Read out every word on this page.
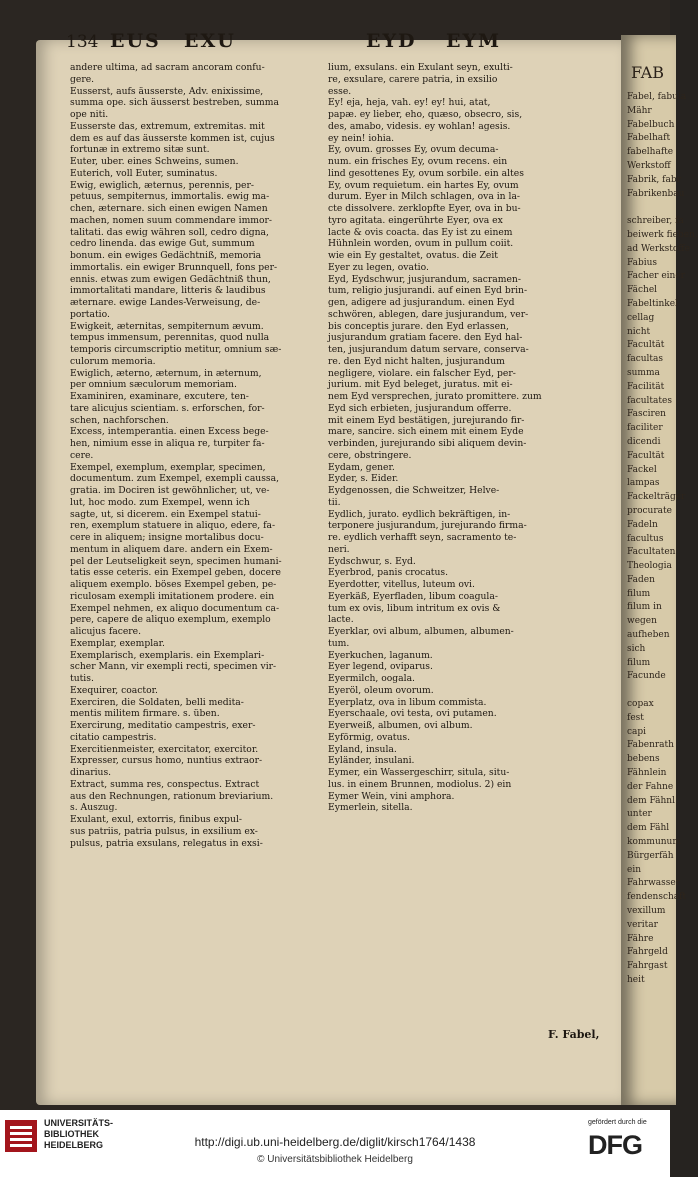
FAB
Fabel, fabula
Mähr
Fabelbuch
Fabelhaft
fabelhafte
Werkstoff
Fabrik, fabr
Fabrikenbau
schreiber, fa
beiwerk fieben,
ad Werkstoffe
Fabius
Facher einer
Fächel
Fabeltinkel
cellag
nicht
Facultät
facultas
summa
Facilität
facultates
Fasciren
faciliter
dicendi
Facultät
Fackel
lampas
Fackelträger
procurate
Fadeln
facultus
Facultaten
Theologia
Faden
filum
filum in
wegen
aufheben
sich
filum
Facunde
copax
fest
capi
Fabenrath
bebens
Fähnlein
der Fahne
dem Fähnl
unter
dem Fähl
kommunum
Bürgerfäh
ein
Fahrwasser
fendenschaft
vexillum
veritar
Fähre
Fahrgeld
Fahrgast
heit
134 EUS EXU	EYD EYM
andere ultima, ad sacram ancoram confu-
gere.
Eusserst, aufs äusserste, Adv. enixissime,
summa ope. sich äusserst bestreben, summa
ope niti.
Eusserste das, extremum, extremitas. mit
dem es auf das äusserste kommen ist, cujus
fortunæ in extremo sitæ sunt.
Euter, uber. eines Schweins, sumen.
Euterich, voll Euter, suminatus.
Ewig, ewiglich, æternus, perennis, per-
petuus, sempiternus, immortalis. ewig ma-
chen, æternare. sich einen ewigen Namen
machen, nomen suum commendare immor-
talitati. das ewig währen soll, cedro digna,
cedro linenda. das ewige Gut, summum
bonum. ein ewiges Gedächtniß, memoria
immortalis. ein ewiger Brunnquell, fons per-
ennis. etwas zum ewigen Gedächtniß thun,
immortalitati mandare, litteris & laudibus
æternare. ewige Landes-Verweisung, de-
portatio.
Ewigkeit, æternitas, sempiternum ævum.
tempus immensum, perennitas, quod nulla
temporis circumscriptio metitur, omnium sæ-
culorum memoria.
Ewiglich, æterno, æternum, in æternum,
per omnium sæculorum memoriam.
Examiniren, examinare, excutere, ten-
tare alicujus scientiam. s. erforschen, for-
schen, nachforschen.
Excess, intemperantia. einen Excess bege-
hen, nimium esse in aliqua re, turpiter fa-
cere.
Exempel, exemplum, exemplar, specimen,
documentum. zum Exempel, exempli caussa,
gratia. im Dociren ist gewöhnlicher, ut, ve-
lut, hoc modo. zum Exempel, wenn ich
sagte, ut, si dicerem. ein Exempel statui-
ren, exemplum statuere in aliquo, edere, fa-
cere in aliquem; insigne mortalibus docu-
mentum in aliquem dare. andern ein Exem-
pel der Leutseligkeit seyn, specimen humani-
tatis esse ceteris. ein Exempel geben, docere
aliquem exemplo. böses Exempel geben, pe-
riculosam exempli imitationem prodere. ein
Exempel nehmen, ex aliquo documentum ca-
pere, capere de aliquo exemplum, exemplo
alicujus facere.
Exemplar, exemplar.
Exemplarisch, exemplaris. ein Exemplari-
scher Mann, vir exempli recti, specimen vir-
tutis.
Exequirer, coactor.
Exerciren, die Soldaten, belli medita-
mentis militem firmare. s. üben.
Exercirung, meditatio campestris, exer-
citatio campestris.
Exercitienmeister, exercitator, exercitor.
Expresser, cursus homo, nuntius extraor-
dinarius.
Extract, summa res, conspectus. Extract
aus den Rechnungen, rationum breviarium.
s. Auszug.
Exulant, exul, extorris, finibus expul-
sus patriis, patria pulsus, in exsilium ex-
pulsus, patria exsulans, relegatus in exsi-
lium, exsulans. ein Exulant seyn, exulti-
re, exsulare, carere patria, in exsilio
esse.
Ey! eja, heja, vah. ey! ey! hui, atat,
papæ. ey lieber, eho, quæso, obsecro, sis,
des, amabo, videsis. ey wohlan! agesis.
ey nein! iohia.
Ey, ovum. grosses Ey, ovum decuma-
num. ein frisches Ey, ovum recens. ein
lind gesottenes Ey, ovum sorbile. ein altes
Ey, ovum requietum. ein hartes Ey, ovum
durum. Eyer in Milch schlagen, ova in la-
cte dissolvere. zerklopfte Eyer, ova in bu-
tyro agitata. eingerührte Eyer, ova ex
lacte & ovis coacta. das Ey ist zu einem
Hühnlein worden, ovum in pullum coiit.
wie ein Ey gestaltet, ovatus. die Zeit
Eyer zu legen, ovatio.
Eyd, Eydschwur, jusjurandum, sacramen-
tum, religio jusjurandi. auf einen Eyd brin-
gen, adigere ad jusjurandum. einen Eyd
schwören, ablegen, dare jusjurandum, ver-
bis conceptis jurare. den Eyd erlassen,
jusjurandum gratiam facere. den Eyd hal-
ten, jusjurandum datum servare, conserva-
re. den Eyd nicht halten, jusjurandum
negligere, violare. ein falscher Eyd, per-
jurium. mit Eyd beleget, juratus. mit ei-
nem Eyd versprechen, jurato promittere. zum
Eyd sich erbieten, jusjurandum offerre.
mit einem Eyd bestätigen, jurejurando fir-
mare, sancire. sich einem mit einem Eyde
verbinden, jurejurando sibi aliquem devin-
cere, obstringere.
Eydam, gener.
Eyder, s. Eider.
Eydgenossen, die Schweitzer, Helve-
tii.
Eydlich, jurato. eydlich bekräftigen, in-
terponere jusjurandum, jurejurando firma-
re. eydlich verhafft seyn, sacramento te-
neri.
Eydschwur, s. Eyd.
Eyerbrod, panis crocatus.
Eyerdotter, vitellus, luteum ovi.
Eyerkäß, Eyerfladen, libum coagula-
tum ex ovis, libum intritum ex ovis &
lacte.
Eyerklar, ovi album, albumen, albumen-
tum.
Eyerkuchen, laganum.
Eyer legend, oviparus.
Eyermilch, oogala.
Eyeröl, oleum ovorum.
Eyerplatz, ova in libum commista.
Eyerschaale, ovi testa, ovi putamen.
Eyerweiß, albumen, ovi album.
Eyförmig, ovatus.
Eyland, insula.
Eyländer, insulani.
Eymer, ein Wassergeschirr, situla, situ-
lus. in einem Brunnen, modiolus. 2) ein
Eymer Wein, vini amphora.
Eymerlein, sitella.
F. Fabel,
UNIVERSITÄTS-
BIBLIOTHEK
HEIDELBERG	http://digi.ub.uni-heidelberg.de/diglit/kirsch1764/1438
© Universitätsbibliothek Heidelberg
gefördert durch die
DFG
